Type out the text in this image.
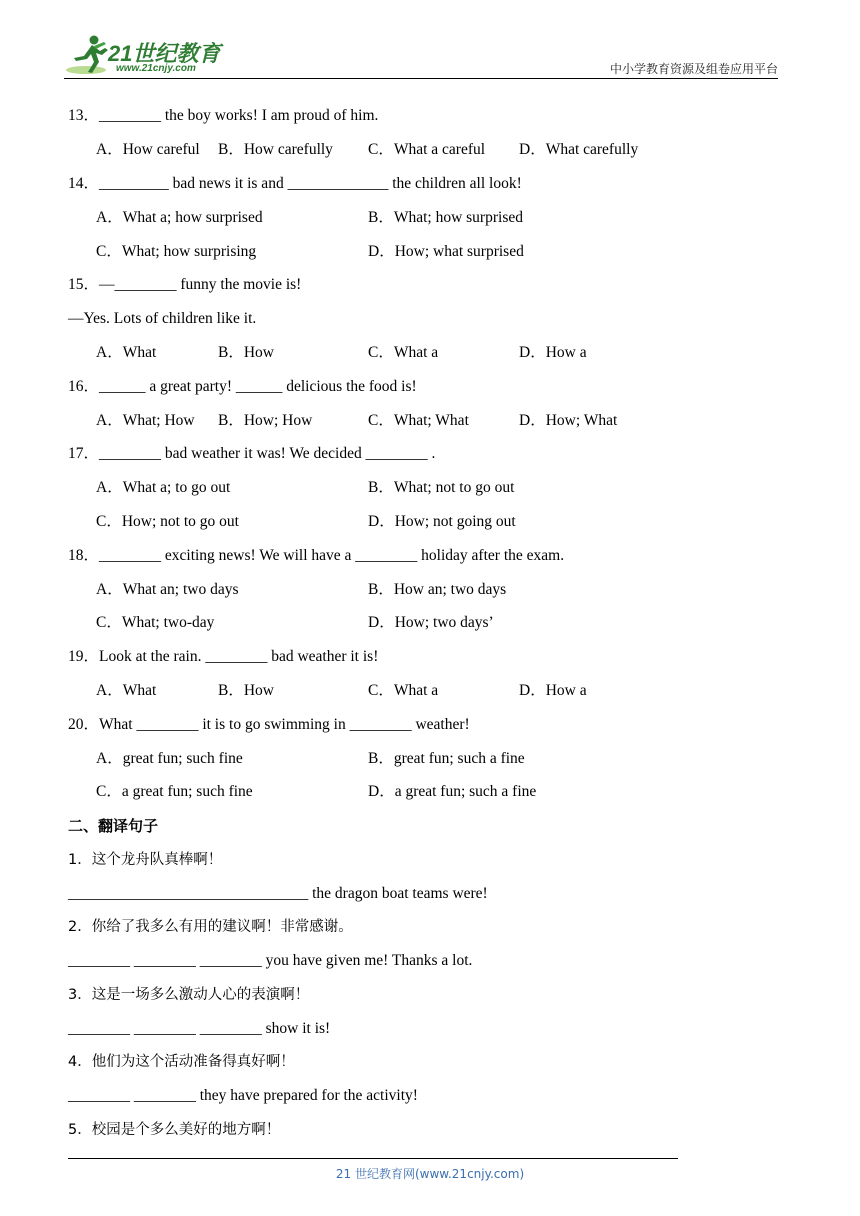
21世纪教育
www.21cnjy.com	中小学教育资源及组卷应用平台
13．________ the boy works! I am proud of him.
A．How careful B．How carefully C．What a careful D．What carefully
14．_________ bad news it is and _____________ the children all look!
A．What a; how surprised	B．What; how surprised
C．What; how surprising	D．How; what surprised
15．—________ funny the movie is!
—Yes. Lots of children like it.
A．What	B．How	C．What a	D．How a
16．______ a great party! ______ delicious the food is!
A．What; How B．How; How	C．What; What	D．How; What
17．________ bad weather it was! We decided ________ .
A．What a; to go out	B．What; not to go out
C．How; not to go out	D．How; not going out
18．________ exciting news! We will have a ________ holiday after the exam.
A．What an; two days	B．How an; two days
C．What; two-day	D．How; two days’
19．Look at the rain. ________ bad weather it is!
A．What	B．How	C．What a	D．How a
20．What ________ it is to go swimming in ________ weather!
A．great fun; such fine	B．great fun; such a fine
C．a great fun; such fine	D．a great fun; such a fine
二、翻译句子
1．这个龙舟队真棒啊！
_______________________________ the dragon boat teams were!
2．你给了我多么有用的建议啊！非常感谢。
________ ________ ________ you have given me! Thanks a lot.
3．这是一场多么激动人心的表演啊！
________ ________ ________ show it is!
4．他们为这个活动准备得真好啊！
________ ________ they have prepared for the activity!
5．校园是个多么美好的地方啊！
21 世纪教育网(www.21cnjy.com)
